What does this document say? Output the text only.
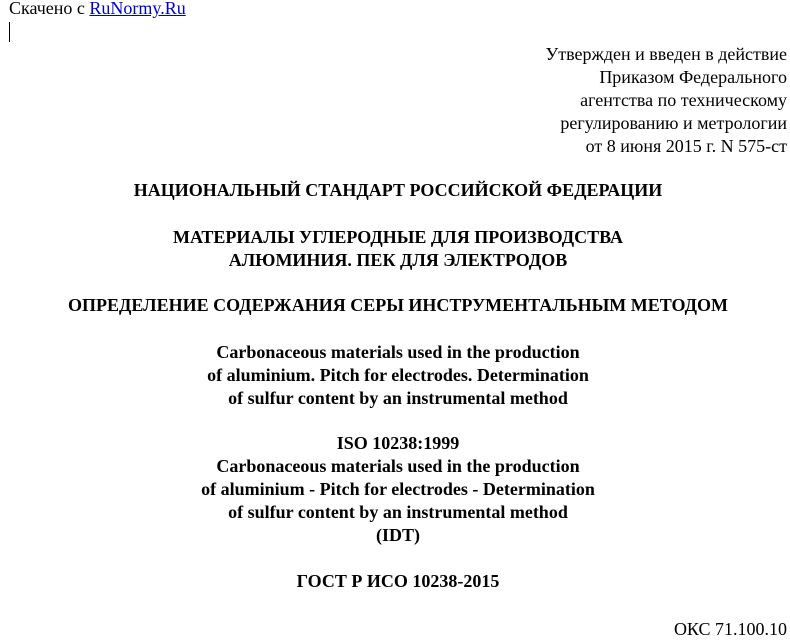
Скачено с RuNormy.Ru
Утвержден и введен в действие
Приказом Федерального
агентства по техническому
регулированию и метрологии
от 8 июня 2015 г. N 575-ст
НАЦИОНАЛЬНЫЙ СТАНДАРТ РОССИЙСКОЙ ФЕДЕРАЦИИ
МАТЕРИАЛЫ УГЛЕРОДНЫЕ ДЛЯ ПРОИЗВОДСТВА
АЛЮМИНИЯ. ПЕК ДЛЯ ЭЛЕКТРОДОВ
ОПРЕДЕЛЕНИЕ СОДЕРЖАНИЯ СЕРЫ ИНСТРУМЕНТАЛЬНЫМ МЕТОДОМ
Carbonaceous materials used in the production
of aluminium. Pitch for electrodes. Determination
of sulfur content by an instrumental method
ISO 10238:1999
Carbonaceous materials used in the production
of aluminium - Pitch for electrodes - Determination
of sulfur content by an instrumental method
(IDT)
ГОСТ Р ИСО 10238-2015
ОКС 71.100.10
